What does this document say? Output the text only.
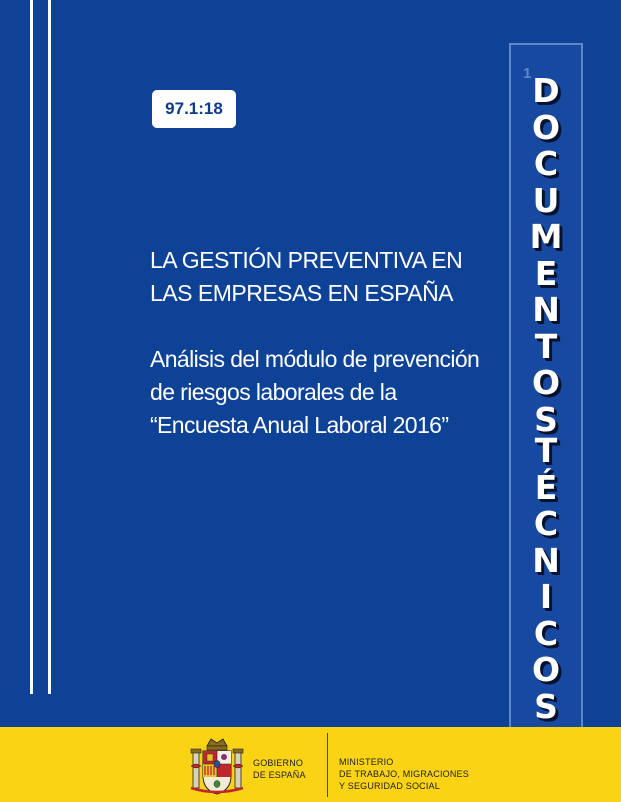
97.1:18
LA GESTIÓN PREVENTIVA EN
LAS EMPRESAS EN ESPAÑA
Análisis del módulo de prevención
de riesgos laborales de la
“Encuesta Anual Laboral 2016”
1 D
O
C
U
M
E
N
T
O
S
T
É
C
N
I
C
O
S
GOBIERNO
DE ESPAÑA
MINISTERIO
DE TRABAJO, MIGRACIONES
Y SEGURIDAD SOCIAL
